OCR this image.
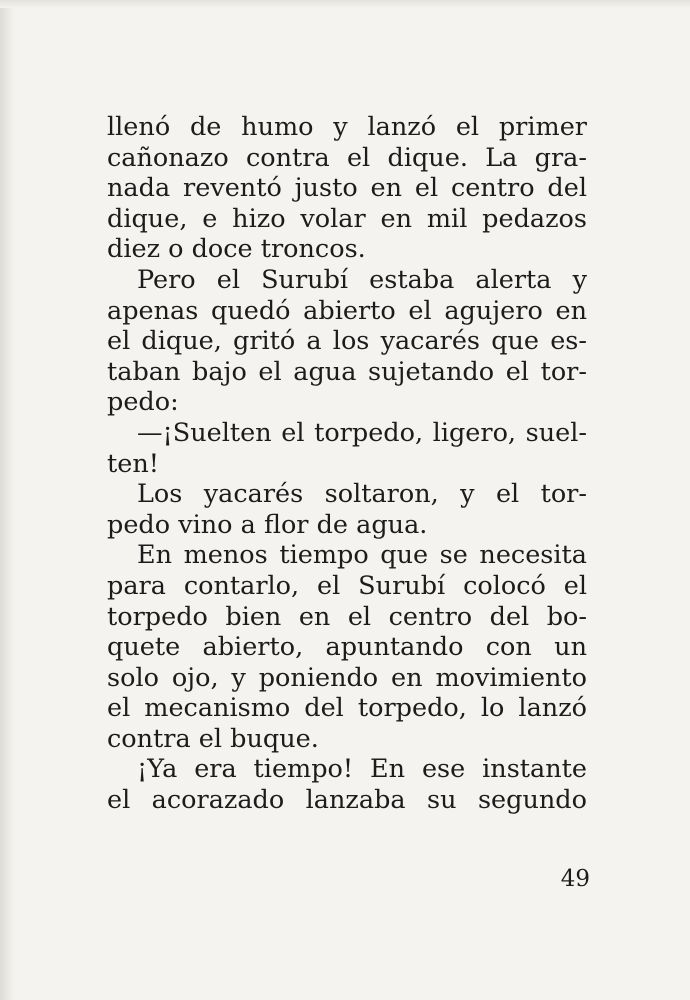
llenó de humo y lanzó el primer
cañonazo contra el dique. La gra-
nada reventó justo en el centro del
dique, e hizo volar en mil pedazos
diez o doce troncos.
Pero el Surubí estaba alerta y
apenas quedó abierto el agujero en
el dique, gritó a los yacarés que es-
taban bajo el agua sujetando el tor-
pedo:
—¡Suelten el torpedo, ligero, suel-
ten!
Los yacarés soltaron, y el tor-
pedo vino a flor de agua.
En menos tiempo que se necesita
para contarlo, el Surubí colocó el
torpedo bien en el centro del bo-
quete abierto, apuntando con un
solo ojo, y poniendo en movimiento
el mecanismo del torpedo, lo lanzó
contra el buque.
¡Ya era tiempo! En ese instante
el acorazado lanzaba su segundo
49
